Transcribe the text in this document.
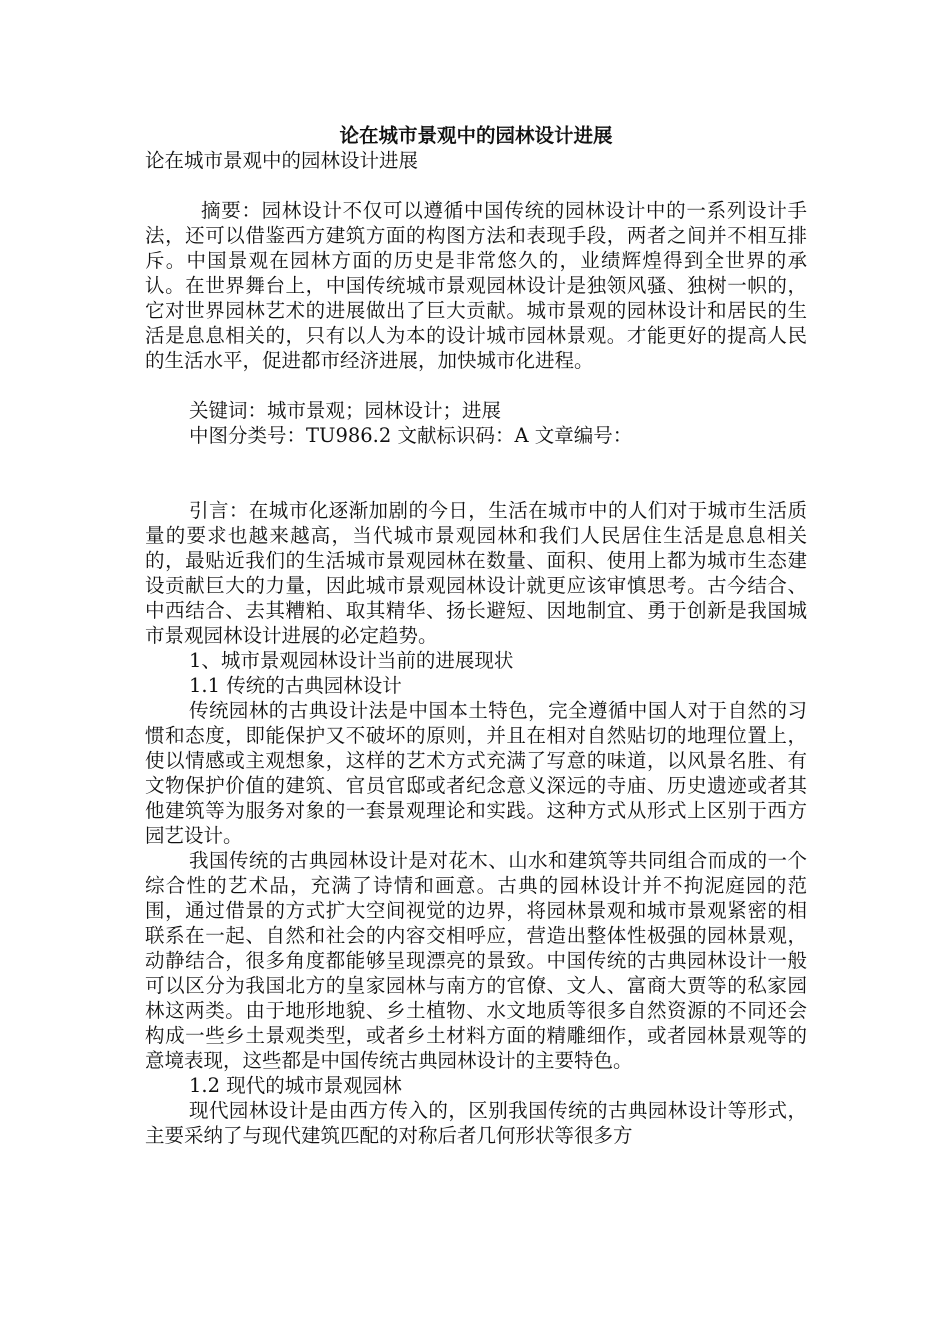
论在城市景观中的园林设计进展
论在城市景观中的园林设计进展

摘要：园林设计不仅可以遵循中国传统的园林设计中的一系列设计手法，还可以借鉴西方建筑方面的构图方法和表现手段，两者之间并不相互排斥。中国景观在园林方面的历史是非常悠久的，业绩辉煌得到全世界的承认。在世界舞台上，中国传统城市景观园林设计是独领风骚、独树一帜的，它对世界园林艺术的进展做出了巨大贡献。城市景观的园林设计和居民的生活是息息相关的，只有以人为本的设计城市园林景观。才能更好的提高人民的生活水平，促进都市经济进展，加快城市化进程。

关键词：城市景观；园林设计；进展

中图分类号：TU986.2 文献标识码：A 文章编号：

引言：在城市化逐渐加剧的今日，生活在城市中的人们对于城市生活质量的要求也越来越高，当代城市景观园林和我们人民居住生活是息息相关的，最贴近我们的生活城市景观园林在数量、面积、使用上都为城市生态建设贡献巨大的力量，因此城市景观园林设计就更应该审慎思考。古今结合、中西结合、去其糟粕、取其精华、扬长避短、因地制宜、勇于创新是我国城市景观园林设计进展的必定趋势。

1、城市景观园林设计当前的进展现状

1.1 传统的古典园林设计

传统园林的古典设计法是中国本土特色，完全遵循中国人对于自然的习惯和态度，即能保护又不破坏的原则，并且在相对自然贴切的地理位置上，使以情感或主观想象，这样的艺术方式充满了写意的味道，以风景名胜、有文物保护价值的建筑、官员官邸或者纪念意义深远的寺庙、历史遗迹或者其他建筑等为服务对象的一套景观理论和实践。这种方式从形式上区别于西方园艺设计。

我国传统的古典园林设计是对花木、山水和建筑等共同组合而成的一个综合性的艺术品，充满了诗情和画意。古典的园林设计并不拘泥庭园的范围，通过借景的方式扩大空间视觉的边界，将园林景观和城市景观紧密的相联系在一起、自然和社会的内容交相呼应，营造出整体性极强的园林景观，动静结合，很多角度都能够呈现漂亮的景致。中国传统的古典园林设计一般可以区分为我国北方的皇家园林与南方的官僚、文人、富商大贾等的私家园林这两类。由于地形地貌、乡土植物、水文地质等很多自然资源的不同还会构成一些乡土景观类型，或者乡土材料方面的精雕细作，或者园林景观等的意境表现，这些都是中国传统古典园林设计的主要特色。

1.2 现代的城市景观园林

现代园林设计是由西方传入的，区别我国传统的古典园林设计等形式，主要采纳了与现代建筑匹配的对称后者几何形状等很多方
